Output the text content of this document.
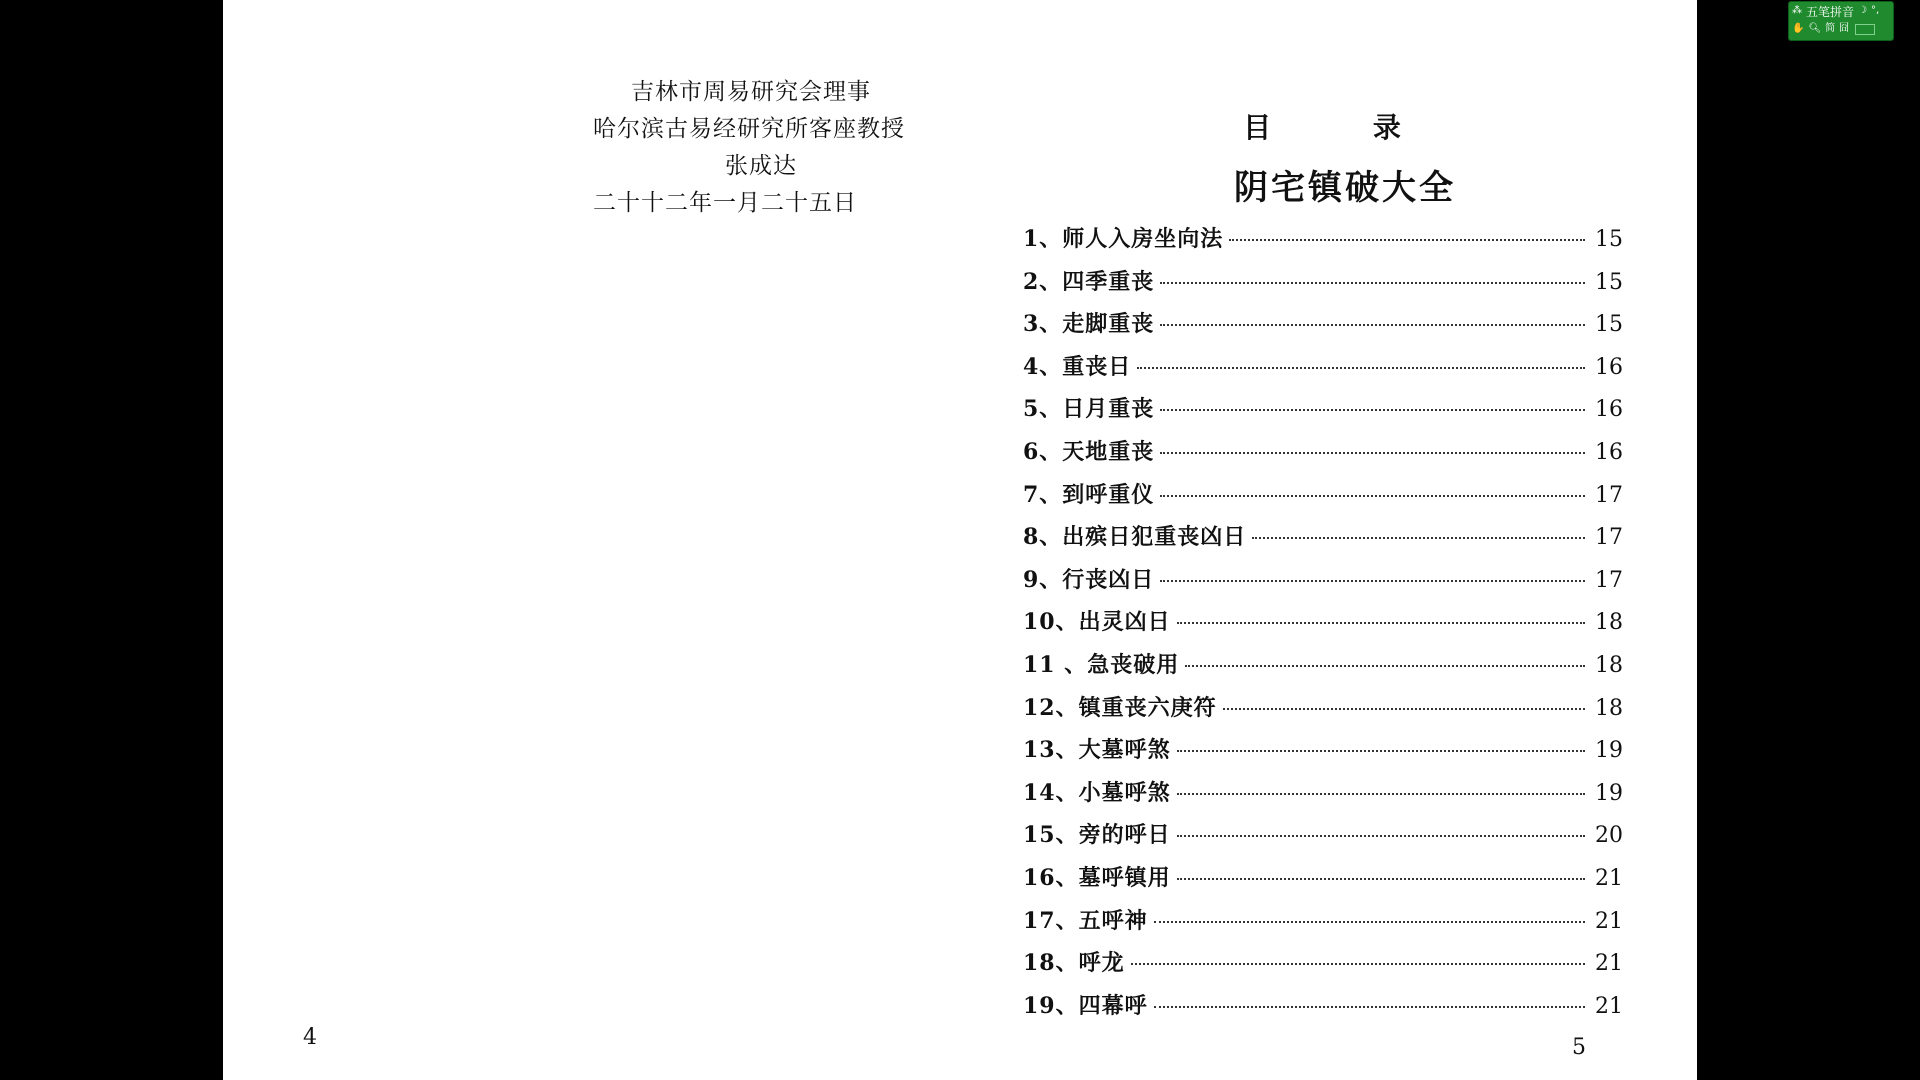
吉林市周易研究会理事
哈尔滨古易经研究所客座教授
张成达
二十十二年一月二十五日
4
目 录
阴宅镇破大全
1、师人入房坐向法	15
2、四季重丧	15
3、走脚重丧	15
4、重丧日	16
5、日月重丧	16
6、天地重丧	16
7、到呼重仪	17
8、出殡日犯重丧凶日	17
9、行丧凶日	17
10、出灵凶日	18
11 、急丧破用	18
12、镇重丧六庚符	18
13、大墓呼煞	19
14、小墓呼煞	19
15、旁的呼日	20
16、墓呼镇用	21
17、五呼神	21
18、呼龙	21
19、四幕呼	21
5
⁂ 五笔拼音 ☽ °,
✋ 🔍︎ 简 囧
